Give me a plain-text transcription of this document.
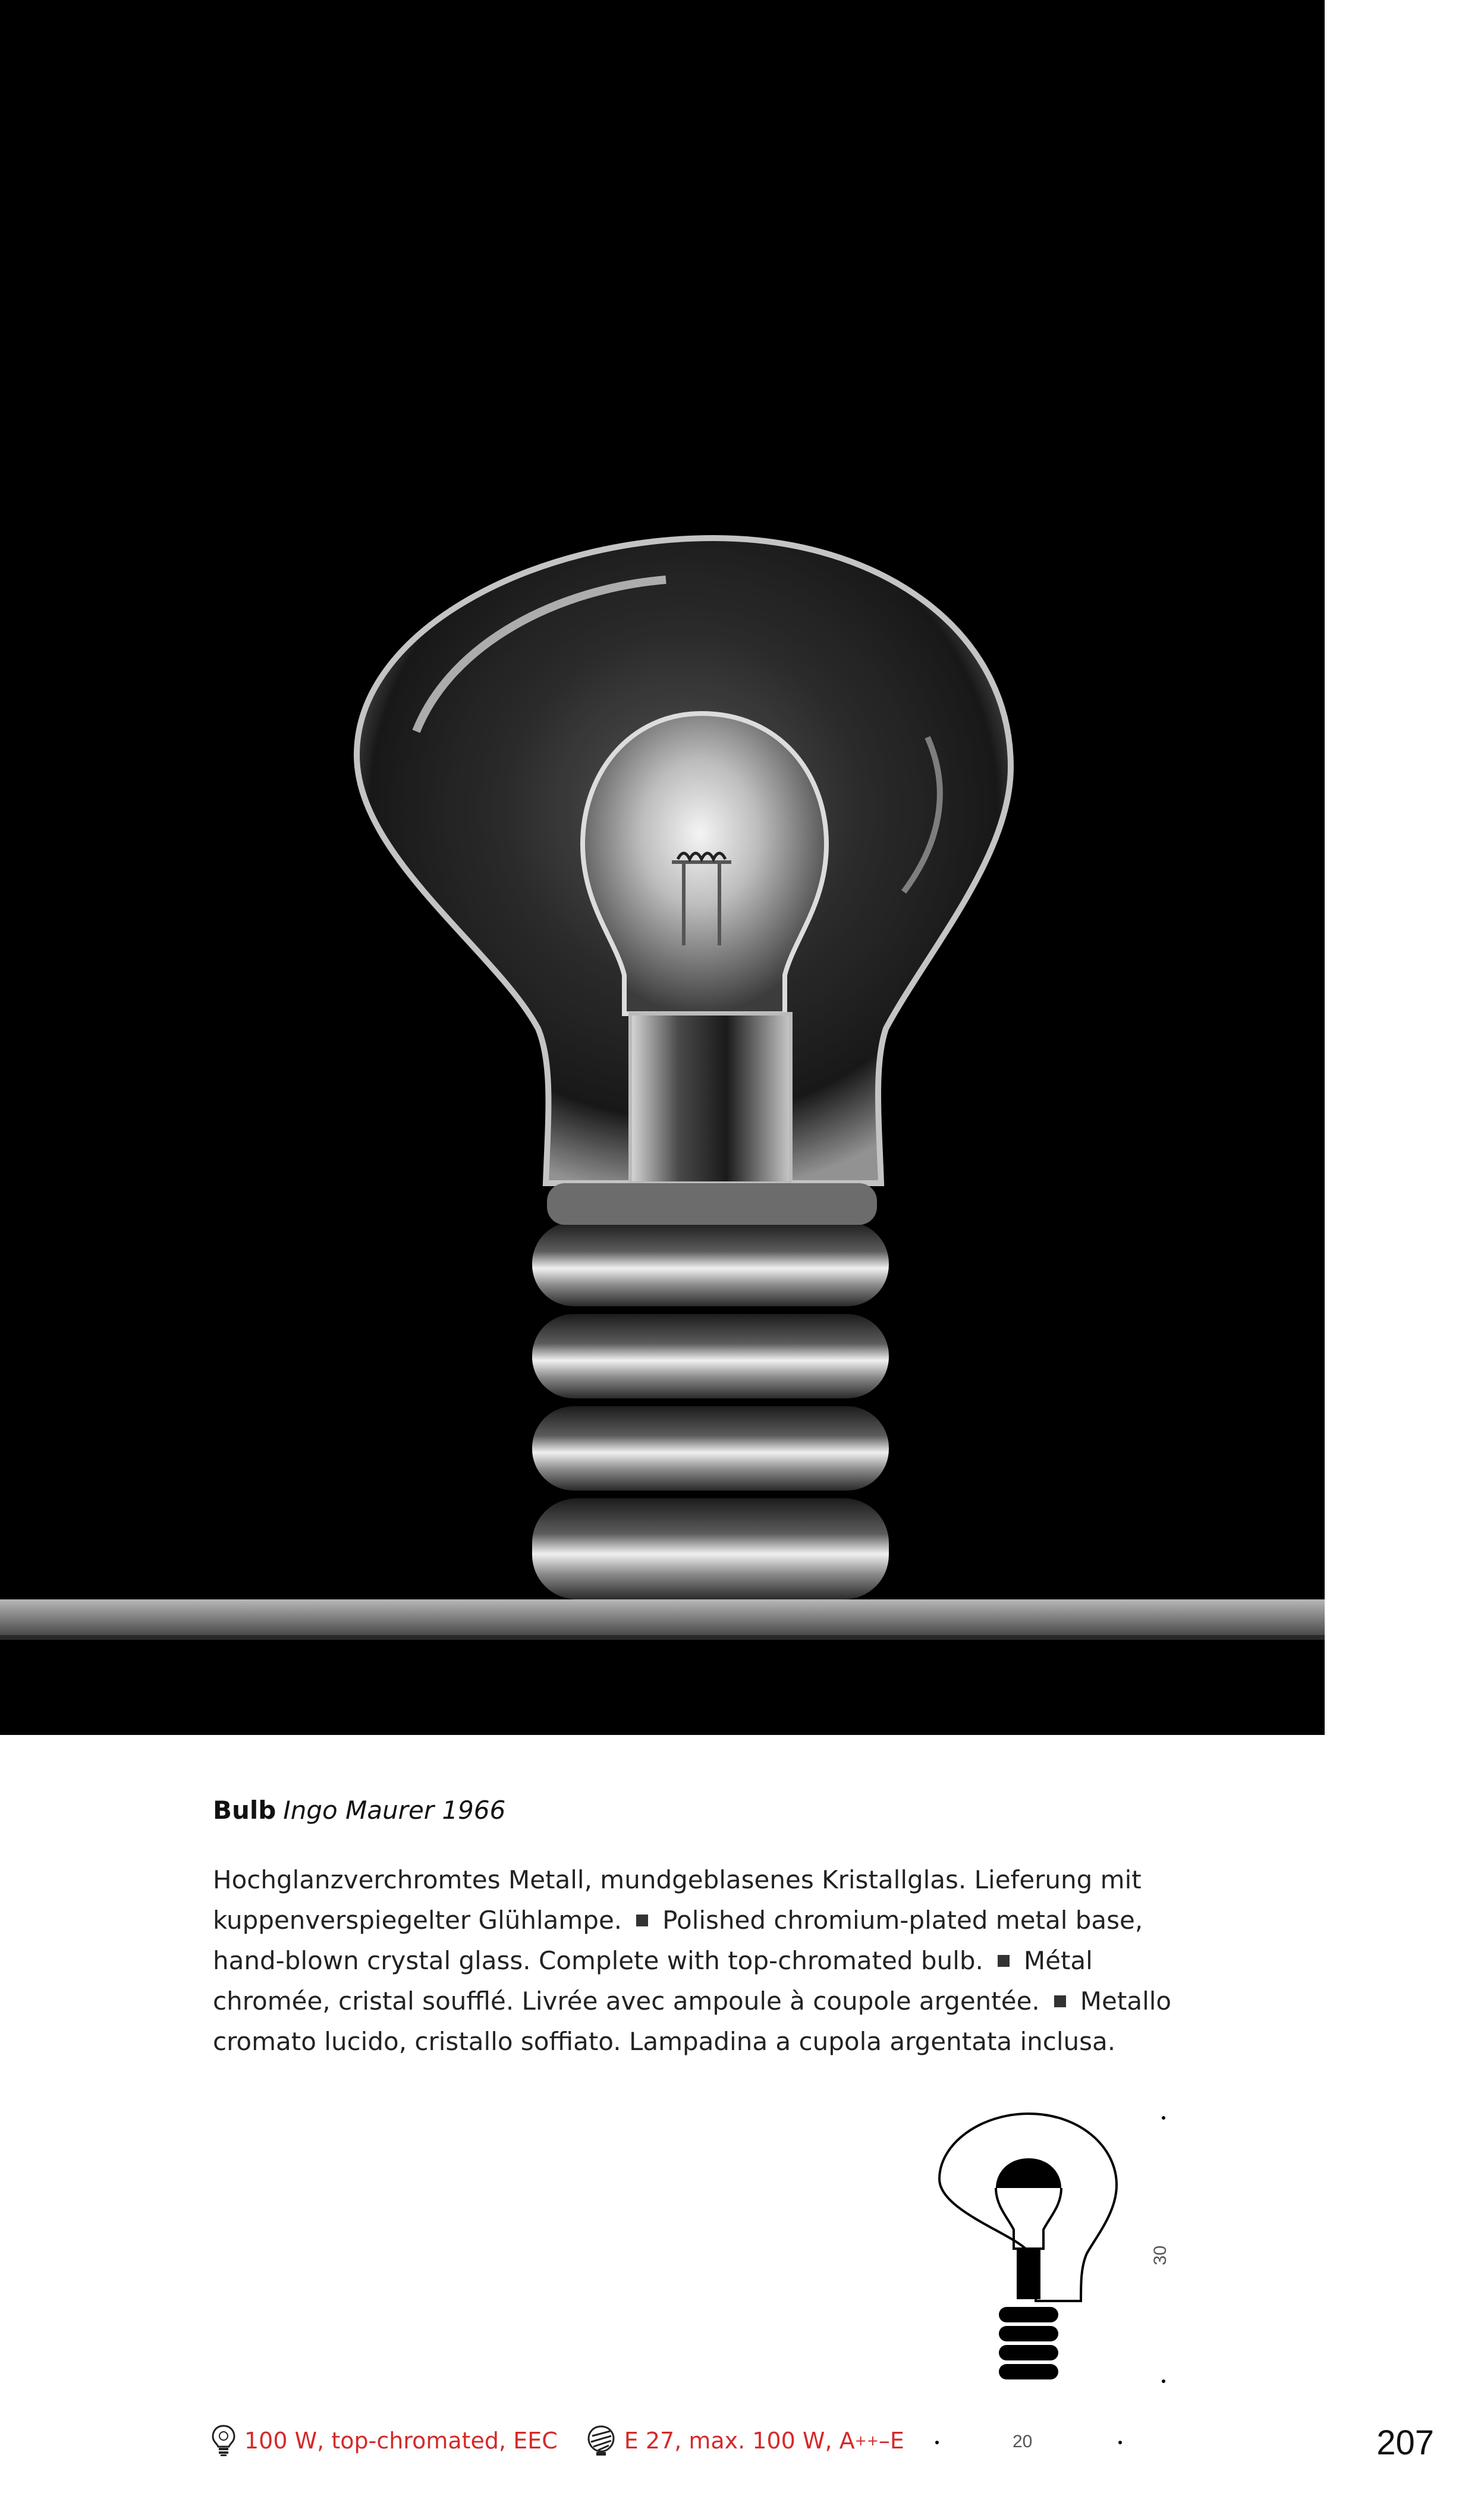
Bulb Ingo Maurer 1966
Hochglanzverchromtes Metall, mundgeblasenes Kristallglas. Lieferung mit kuppenverspiegelter Glühlampe. Polished chromium-plated metal base, hand-blown crystal glass. Complete with top-chromated bulb. Métal chromée, cristal soufflé. Livrée avec ampoule à coupole argentée. Metallo cromato lucido, cristallo soffiato. Lampadina a cupola argentata inclusa.
30
20
100 W, top-chromated, EEC	E 27, max. 100 W, A ++ –E	207
